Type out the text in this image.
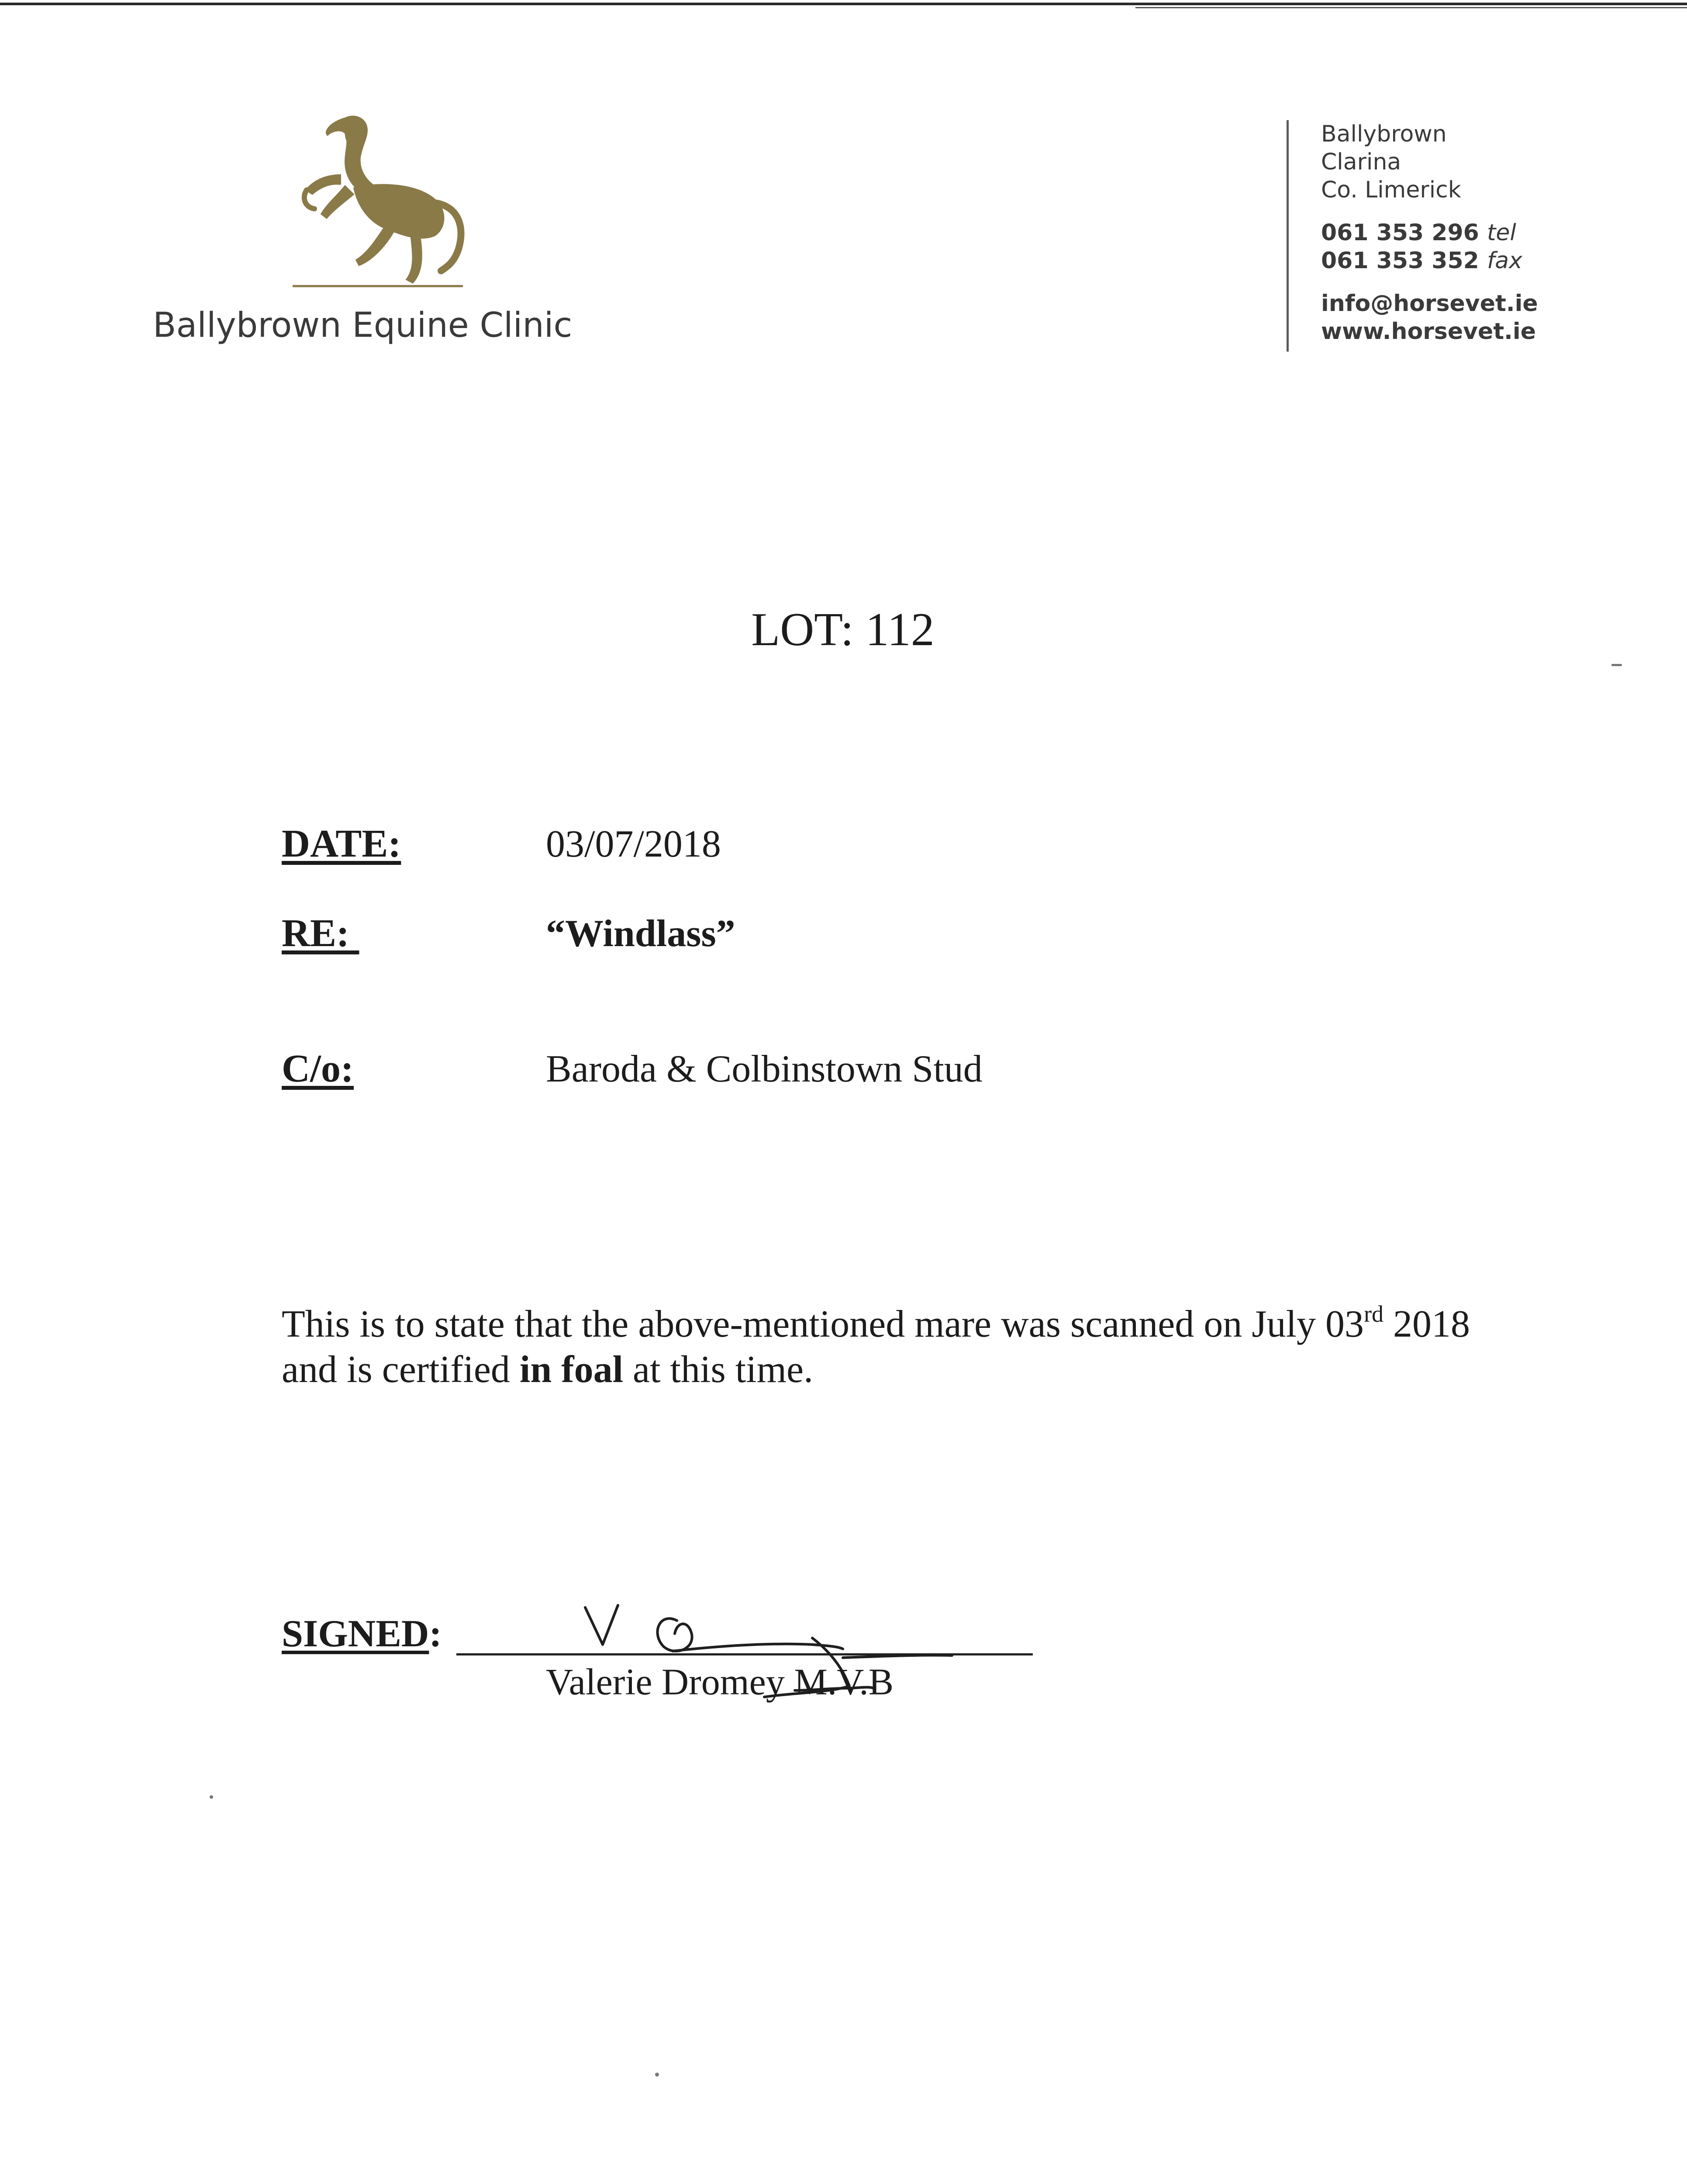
Ballybrown Equine Clinic
Ballybrown
Clarina
Co. Limerick
061 353 296 tel
061 353 352 fax
info@horsevet.ie
www.horsevet.ie
LOT: 112
DATE:	03/07/2018
RE:	“Windlass”
C/o:	Baroda & Colbinstown Stud
This is to state that the above-mentioned mare was scanned on July 03rd 2018 and is certified in foal at this time.
SIGNED:
Valerie Dromey M.V.B
